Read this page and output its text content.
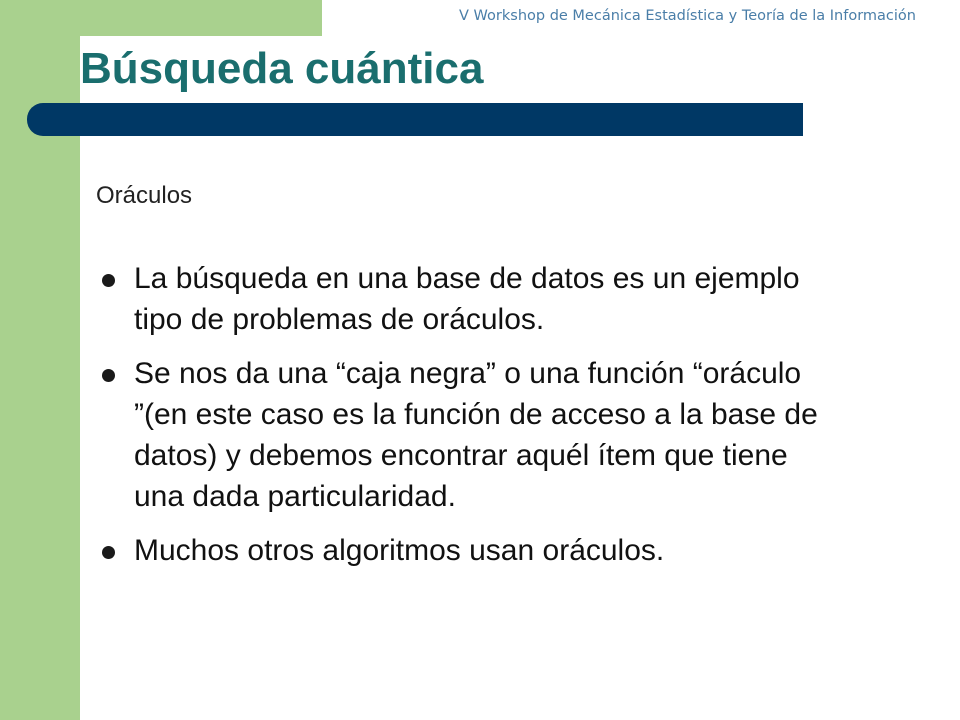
V Workshop de Mecánica Estadística y Teoría de la Información
Búsqueda cuántica
Oráculos
La búsqueda en una base de datos es un ejemplo tipo de problemas de oráculos.
Se nos da una “caja negra” o una función “oráculo ”(en este caso es la función de acceso a la base de datos) y debemos encontrar aquél ítem que tiene una dada particularidad.
Muchos otros algoritmos usan oráculos.
